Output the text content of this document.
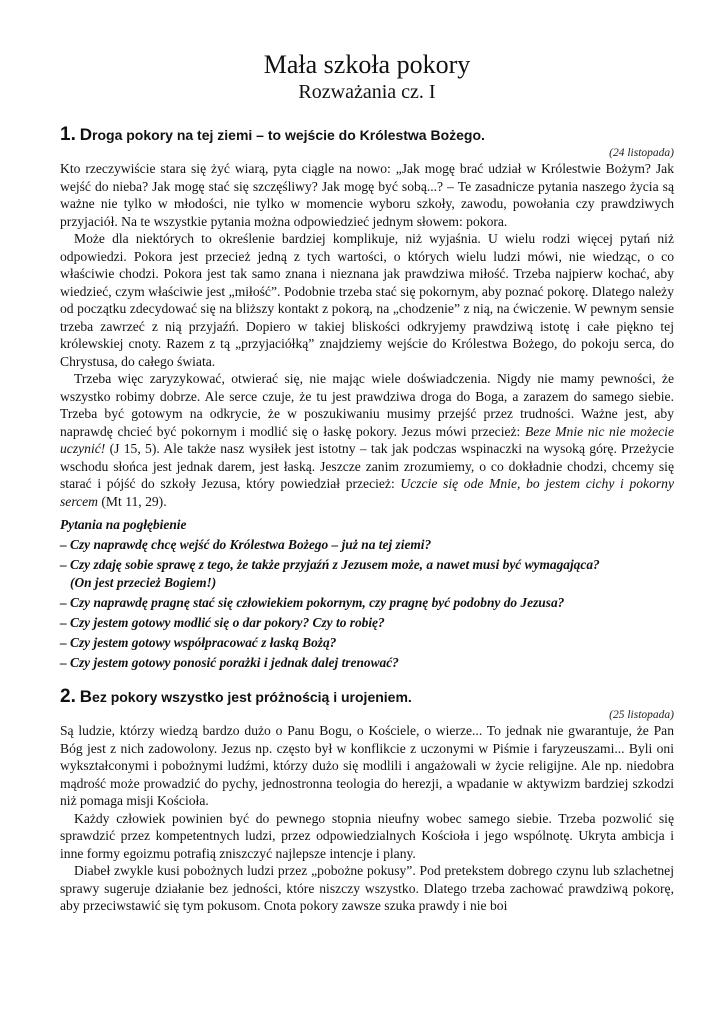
Mała szkoła pokory
Rozważania cz. I
1. Droga pokory na tej ziemi – to wejście do Królestwa Bożego.

(24 listopada)

Kto rzeczywiście stara się żyć wiarą, pyta ciągle na nowo: „Jak mogę brać udział w Królestwie Bożym? Jak wejść do nieba? Jak mogę stać się szczęśliwy? Jak mogę być sobą...? – Te zasadnicze pytania naszego życia są ważne nie tylko w młodości, nie tylko w momencie wyboru szkoły, zawodu, powołania czy prawdziwych przyjaciół. Na te wszystkie pytania można odpowiedzieć jednym słowem: pokora.

Może dla niektórych to określenie bardziej komplikuje, niż wyjaśnia. U wielu rodzi więcej pytań niż odpowiedzi. Pokora jest przecież jedną z tych wartości, o których wielu ludzi mówi, nie wiedząc, o co właściwie chodzi. Pokora jest tak samo znana i nieznana jak prawdziwa miłość. Trzeba najpierw kochać, aby wiedzieć, czym właściwie jest „miłość”. Podobnie trzeba stać się pokornym, aby poznać pokorę. Dlatego należy od początku zdecydować się na bliższy kontakt z pokorą, na „chodzenie” z nią, na ćwiczenie. W pewnym sensie trzeba zawrzeć z nią przyjaźń. Dopiero w takiej bliskości odkryjemy prawdziwą istotę i całe piękno tej królewskiej cnoty. Razem z tą „przyjaciółką” znajdziemy wejście do Królestwa Bożego, do pokoju serca, do Chrystusa, do całego świata.

Trzeba więc zaryzykować, otwierać się, nie mając wiele doświadczenia. Nigdy nie mamy pewności, że wszystko robimy dobrze. Ale serce czuje, że tu jest prawdziwa droga do Boga, a zarazem do samego siebie. Trzeba być gotowym na odkrycie, że w poszukiwaniu musimy przejść przez trudności. Ważne jest, aby naprawdę chcieć być pokornym i modlić się o łaskę pokory. Jezus mówi przecież: Beze Mnie nic nie możecie uczynić! (J 15, 5). Ale także nasz wysiłek jest istotny – tak jak podczas wspinaczki na wysoką górę. Przeżycie wschodu słońca jest jednak darem, jest łaską. Jeszcze zanim zrozumiemy, o co dokładnie chodzi, chcemy się starać i pójść do szkoły Jezusa, który powiedział przecież: Uczcie się ode Mnie, bo jestem cichy i pokorny sercem (Mt 11, 29).

Pytania na pogłębienie
– Czy naprawdę chcę wejść do Królestwa Bożego – już na tej ziemi?
– Czy zdaję sobie sprawę z tego, że także przyjaźń z Jezusem może, a nawet musi być wymagająca?
(On jest przecież Bogiem!)
– Czy naprawdę pragnę stać się człowiekiem pokornym, czy pragnę być podobny do Jezusa?
– Czy jestem gotowy modlić się o dar pokory? Czy to robię?
– Czy jestem gotowy współpracować z łaską Bożą?
– Czy jestem gotowy ponosić porażki i jednak dalej trenować?
2. Bez pokory wszystko jest próżnością i urojeniem.

(25 listopada)

Są ludzie, którzy wiedzą bardzo dużo o Panu Bogu, o Kościele, o wierze... To jednak nie gwarantuje, że Pan Bóg jest z nich zadowolony. Jezus np. często był w konflikcie z uczonymi w Piśmie i faryzeuszami... Byli oni wykształconymi i pobożnymi ludźmi, którzy dużo się modlili i angażowali w życie religijne. Ale np. niedobra mądrość może prowadzić do pychy, jednostronna teologia do herezji, a wpadanie w aktywizm bardziej szkodzi niż pomaga misji Kościoła.

Każdy człowiek powinien być do pewnego stopnia nieufny wobec samego siebie. Trzeba pozwolić się sprawdzić przez kompetentnych ludzi, przez odpowiedzialnych Kościoła i jego wspólnotę. Ukryta ambicja i inne formy egoizmu potrafią zniszczyć najlepsze intencje i plany.

Diabeł zwykle kusi pobożnych ludzi przez „pobożne pokusy”. Pod pretekstem dobrego czynu lub szlachetnej sprawy sugeruje działanie bez jedności, które niszczy wszystko. Dlatego trzeba zachować prawdziwą pokorę, aby przeciwstawić się tym pokusom. Cnota pokory zawsze szuka prawdy i nie boi
